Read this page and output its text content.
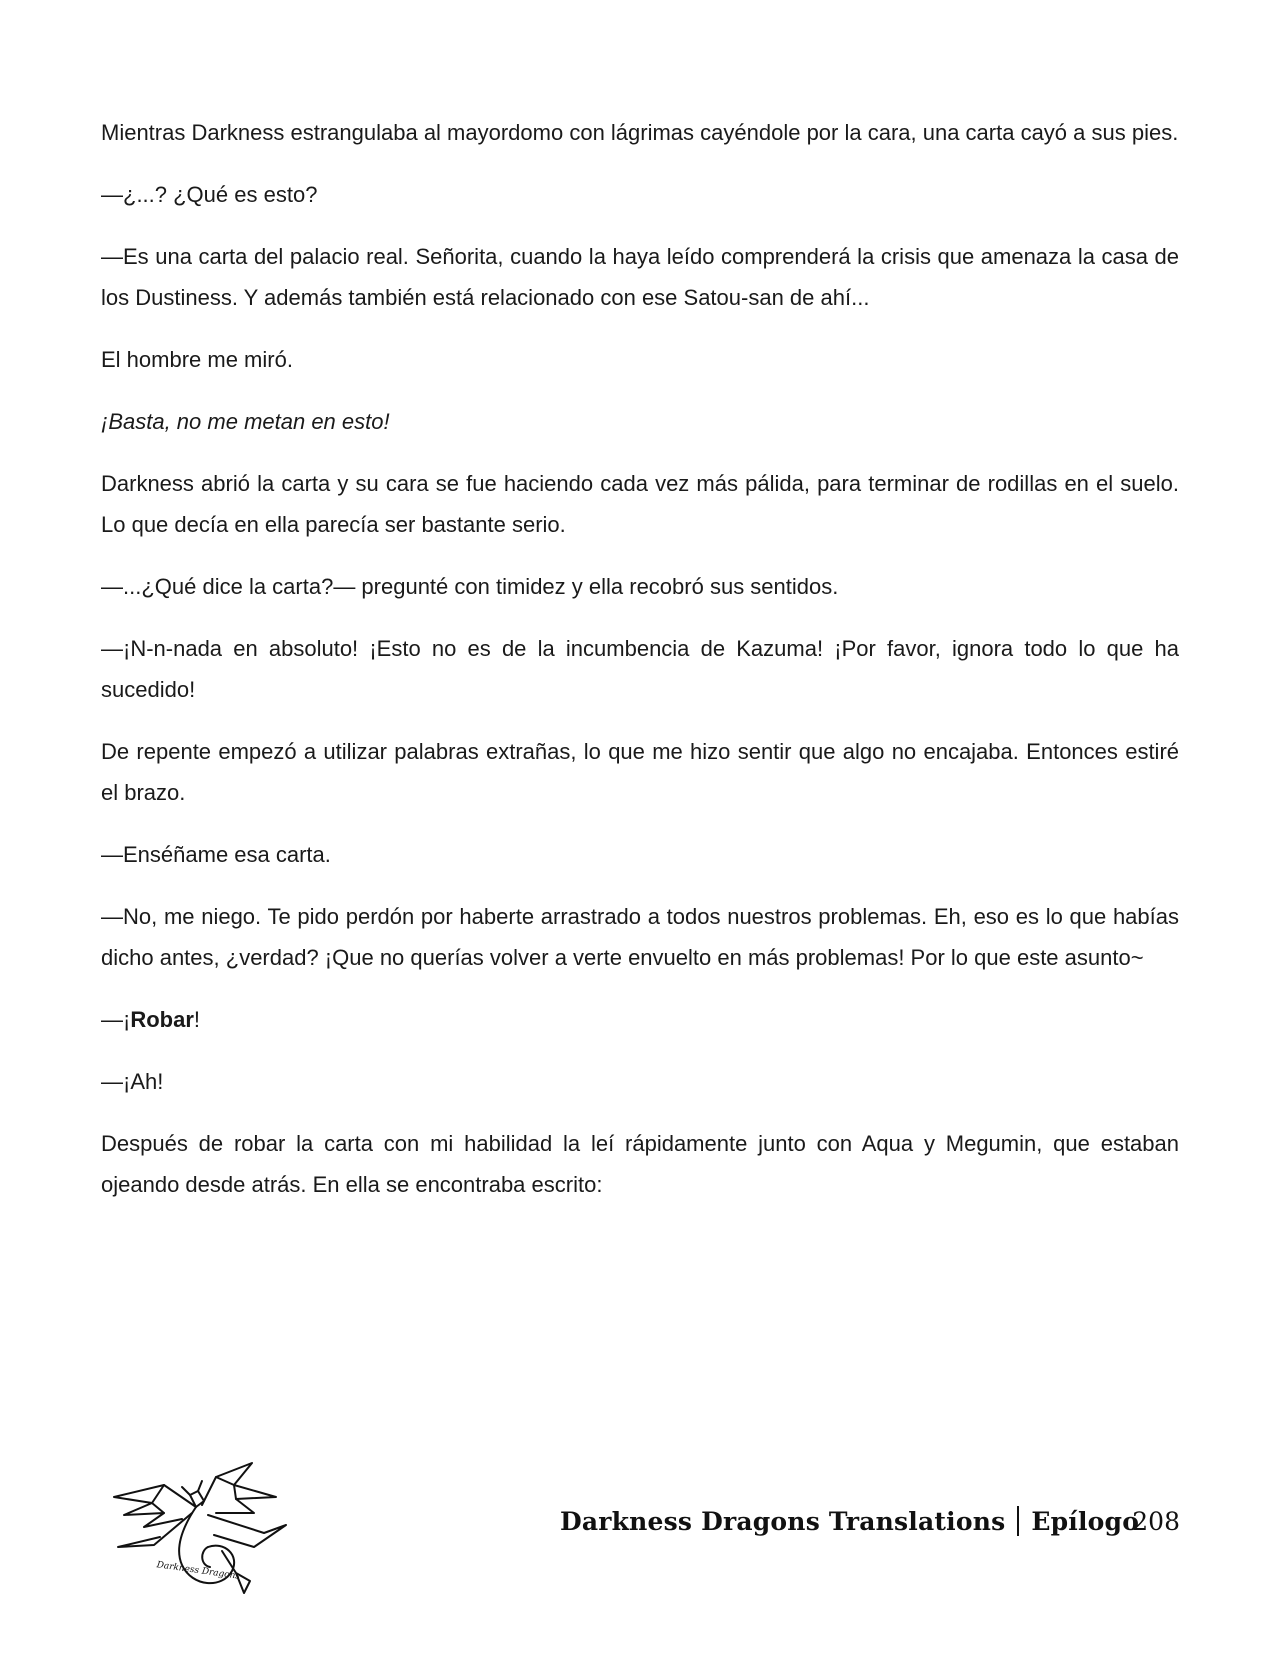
Mientras Darkness estrangulaba al mayordomo con lágrimas cayéndole por la cara, una carta cayó a sus pies.

—¿...? ¿Qué es esto?

—Es una carta del palacio real. Señorita, cuando la haya leído comprenderá la crisis que amenaza la casa de los Dustiness. Y además también está relacionado con ese Satou-san de ahí...

El hombre me miró.

¡Basta, no me metan en esto!

Darkness abrió la carta y su cara se fue haciendo cada vez más pálida, para terminar de rodillas en el suelo. Lo que decía en ella parecía ser bastante serio.

—...¿Qué dice la carta?— pregunté con timidez y ella recobró sus sentidos.

—¡N-n-nada en absoluto! ¡Esto no es de la incumbencia de Kazuma! ¡Por favor, ignora todo lo que ha sucedido!

De repente empezó a utilizar palabras extrañas, lo que me hizo sentir que algo no encajaba. Entonces estiré el brazo.

—Enséñame esa carta.

—No, me niego. Te pido perdón por haberte arrastrado a todos nuestros problemas. Eh, eso es lo que habías dicho antes, ¿verdad? ¡Que no querías volver a verte envuelto en más problemas! Por lo que este asunto~

—¡Robar!

—¡Ah!

Después de robar la carta con mi habilidad la leí rápidamente junto con Aqua y Megumin, que estaban ojeando desde atrás. En ella se encontraba escrito:

Darkness Dragons
Darkness Dragons Translations Epílogo
208
